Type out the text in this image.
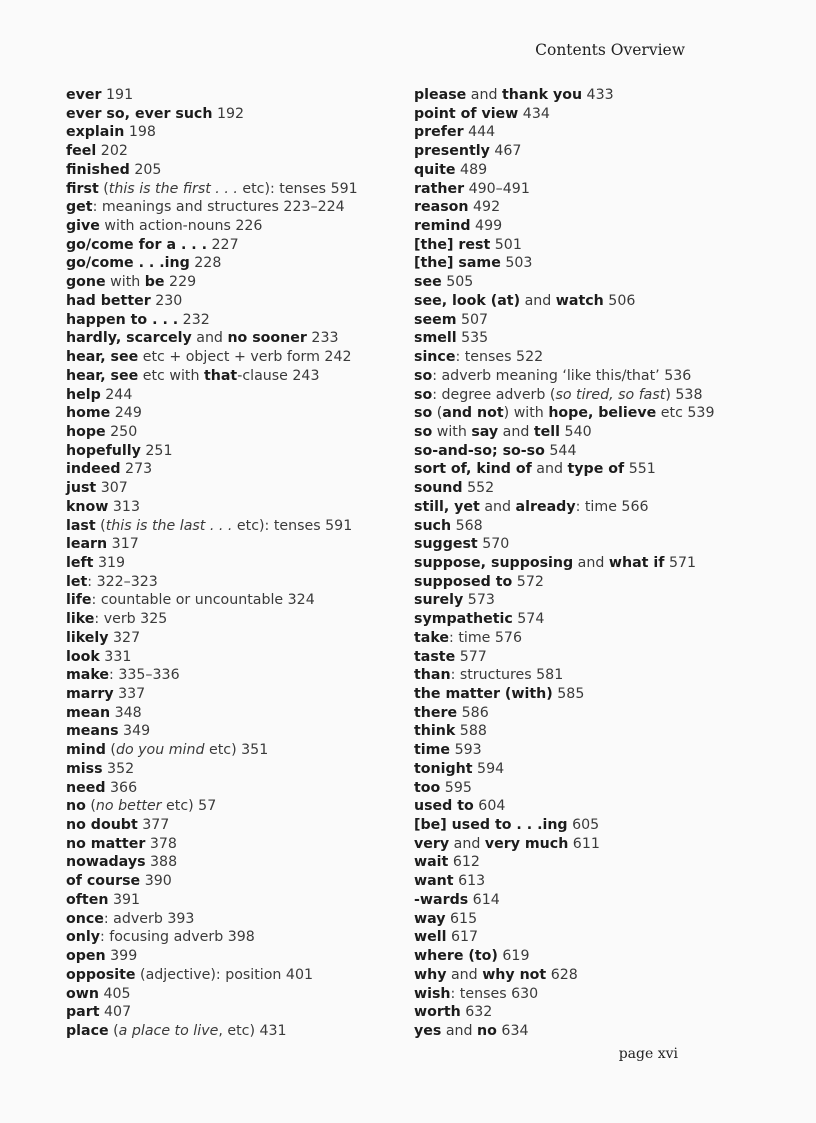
Contents Overview
ever 191
ever so, ever such 192
explain 198
feel 202
finished 205
first (this is the first . . . etc): tenses 591
get: meanings and structures 223–224
give with action-nouns 226
go/come for a . . . 227
go/come . . .ing 228
gone with be 229
had better 230
happen to . . . 232
hardly, scarcely and no sooner 233
hear, see etc + object + verb form 242
hear, see etc with that-clause 243
help 244
home 249
hope 250
hopefully 251
indeed 273
just 307
know 313
last (this is the last . . . etc): tenses 591
learn 317
left 319
let: 322–323
life: countable or uncountable 324
like: verb 325
likely 327
look 331
make: 335–336
marry 337
mean 348
means 349
mind (do you mind etc) 351
miss 352
need 366
no (no better etc) 57
no doubt 377
no matter 378
nowadays 388
of course 390
often 391
once: adverb 393
only: focusing adverb 398
open 399
opposite (adjective): position 401
own 405
part 407
place (a place to live, etc) 431
please and thank you 433
point of view 434
prefer 444
presently 467
quite 489
rather 490–491
reason 492
remind 499
[the] rest 501
[the] same 503
see 505
see, look (at) and watch 506
seem 507
smell 535
since: tenses 522
so: adverb meaning ‘like this/that’ 536
so: degree adverb (so tired, so fast) 538
so (and not) with hope, believe etc 539
so with say and tell 540
so-and-so; so-so 544
sort of, kind of and type of 551
sound 552
still, yet and already: time 566
such 568
suggest 570
suppose, supposing and what if 571
supposed to 572
surely 573
sympathetic 574
take: time 576
taste 577
than: structures 581
the matter (with) 585
there 586
think 588
time 593
tonight 594
too 595
used to 604
[be] used to . . .ing 605
very and very much 611
wait 612
want 613
-wards 614
way 615
well 617
where (to) 619
why and why not 628
wish: tenses 630
worth 632
yes and no 634
page xvi
